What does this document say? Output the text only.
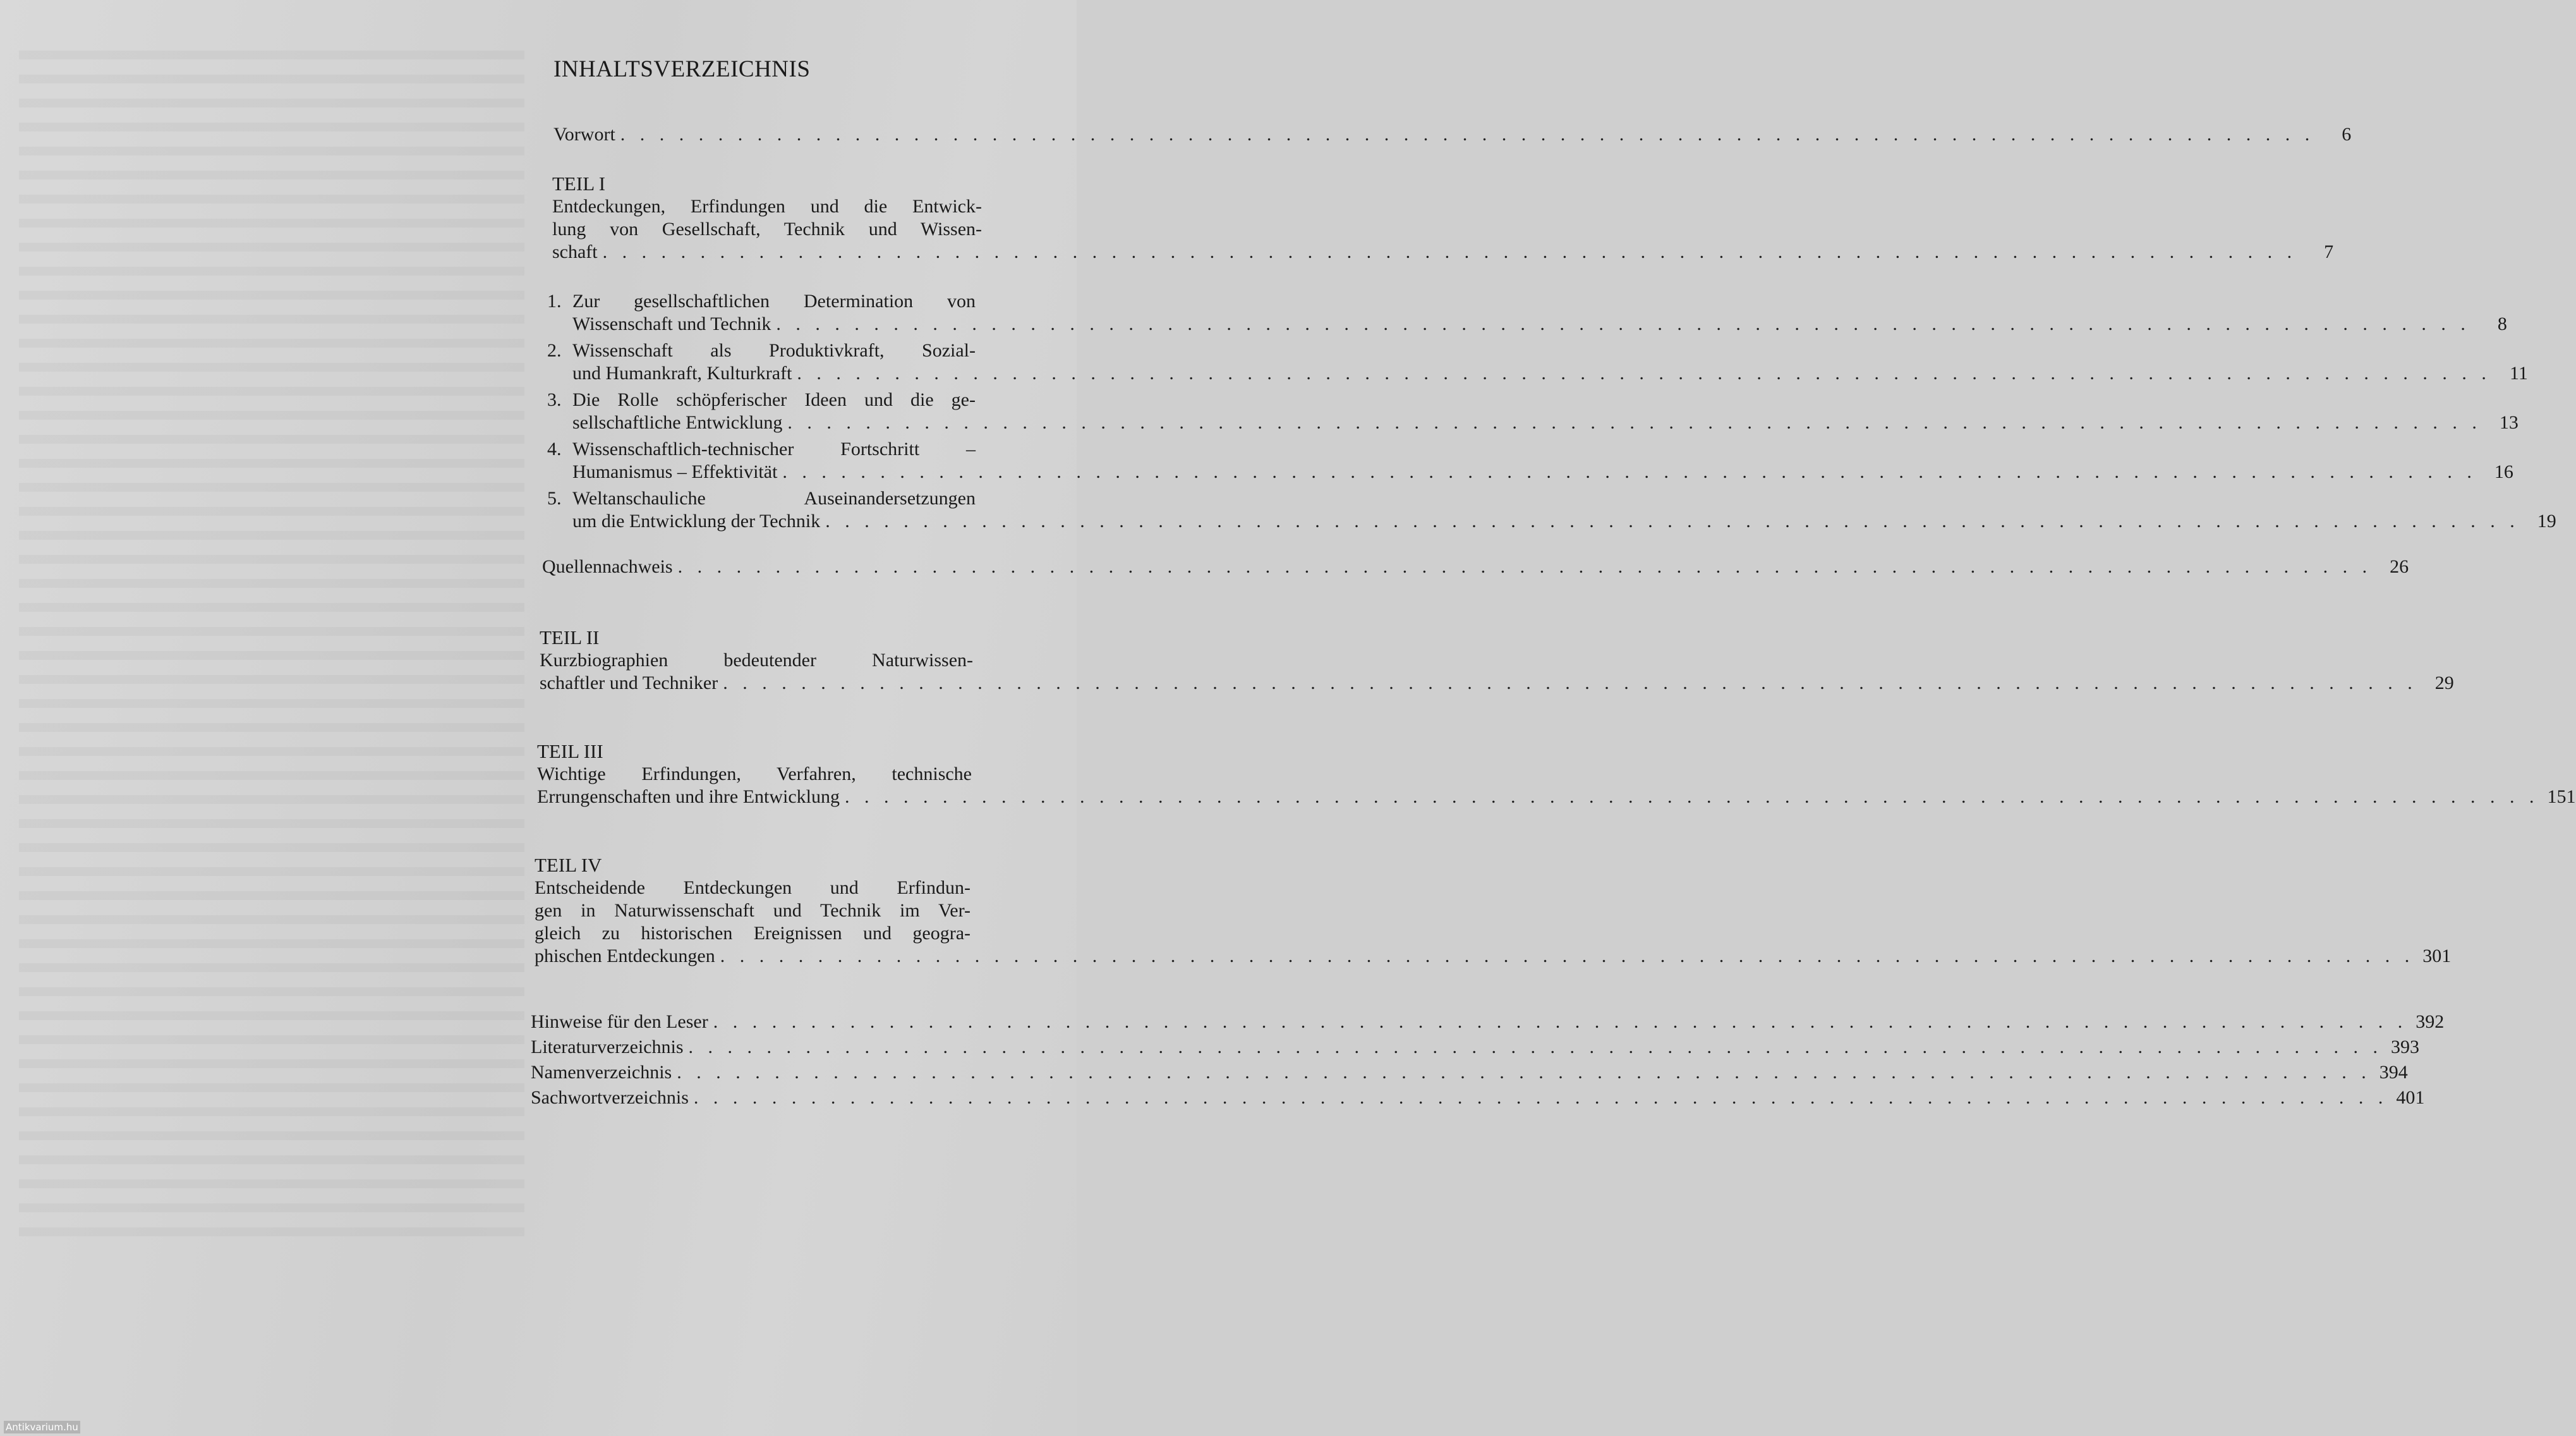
INHALTSVERZEICHNIS
Vorwort . . .	6
TEIL I
Entdeckungen, Erfindungen und die Entwick-
lung von Gesellschaft, Technik und Wissen-
schaft . . .	7
1. Zur gesellschaftlichen Determination von
Wissenschaft und Technik . . .	8
2. Wissenschaft als Produktivkraft, Sozial-
und Humankraft, Kulturkraft . . .	11
3. Die Rolle schöpferischer Ideen und die ge-
sellschaftliche Entwicklung . . .	13
4. Wissenschaftlich-technischer Fortschritt –
Humanismus – Effektivität . . .	16
5. Weltanschauliche Auseinandersetzungen
um die Entwicklung der Technik . . .	19
Quellennachweis . . .	26
TEIL II
Kurzbiographien bedeutender Naturwissen-
schaftler und Techniker . . .	29
TEIL III
Wichtige Erfindungen, Verfahren, technische
Errungenschaften und ihre Entwicklung . . .	151
TEIL IV
Entscheidende Entdeckungen und Erfindun-
gen in Naturwissenschaft und Technik im Ver-
gleich zu historischen Ereignissen und geogra-
phischen Entdeckungen . . .	301
Hinweise für den Leser . . .	392
Literaturverzeichnis . . .	393
Namenverzeichnis . . .	394
Sachwortverzeichnis . . .	401
Antikvarium.hu
